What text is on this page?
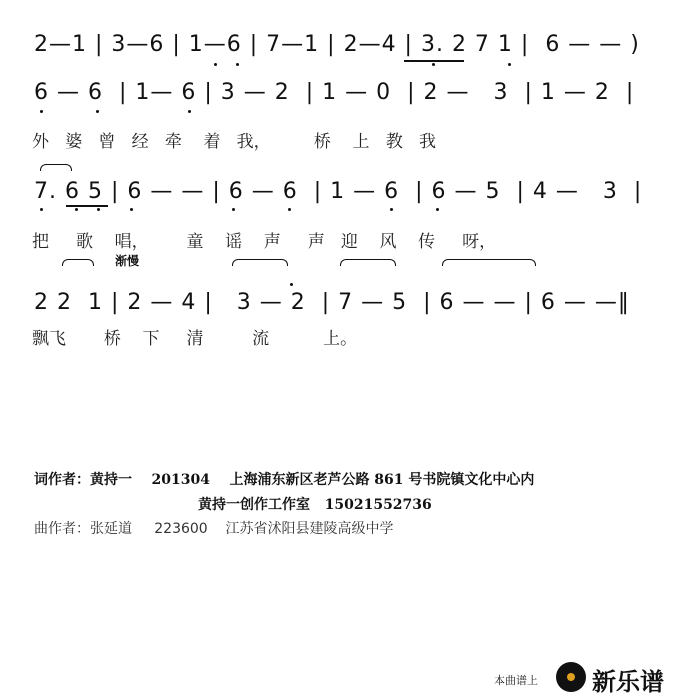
2—1 | 3—6 | 1—6 | 7—1 | 2—4 | 3. 2 7 1 |  6 — — )
6 — 6  | 1— 6 | 3 — 2  | 1 — 0  | 2 —   3  | 1 — 2  |
外   婆   曾   经   牵    着   我，        桥    上   教   我
7. 6 5 | 6 — — | 6 — 6  | 1 — 6  | 6 — 5  | 4 —   3  |
把     歌    唱，       童    谣    声     声   迎    风    传     呀，
渐慢
2 2  1 | 2 — 4 |   3 — 2  | 7 — 5  | 6 — — | 6 — —‖
飘飞       桥    下     清         流          上。
词作者：黄持一    201304    上海浦东新区老芦公路 861 号书院镇文化中心内
黄持一创作工作室   15021552736
曲作者：张延道     223600    江苏省沭阳县建陵高级中学
本曲谱上 新乐谱
